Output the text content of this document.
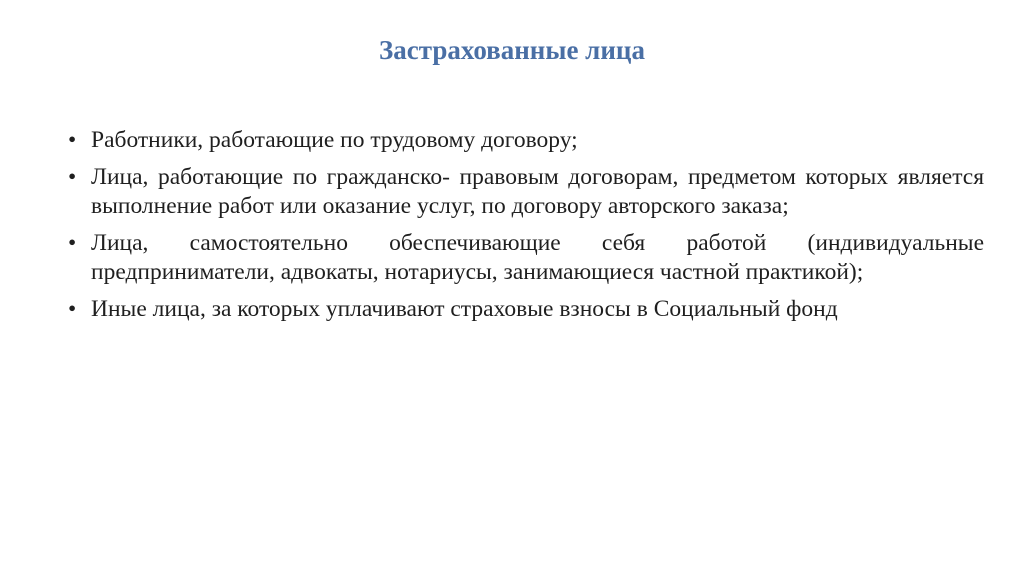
Застрахованные лица
• Работники, работающие по трудовому договору;
• Лица, работающие по гражданско- правовым договорам, предметом которых является выполнение работ или оказание услуг, по договору авторского заказа;
• Лица, самостоятельно обеспечивающие себя работой (индивидуальные предприниматели, адвокаты, нотариусы, занимающиеся частной практикой);
• Иные лица, за которых уплачивают страховые взносы в Социальный фонд
